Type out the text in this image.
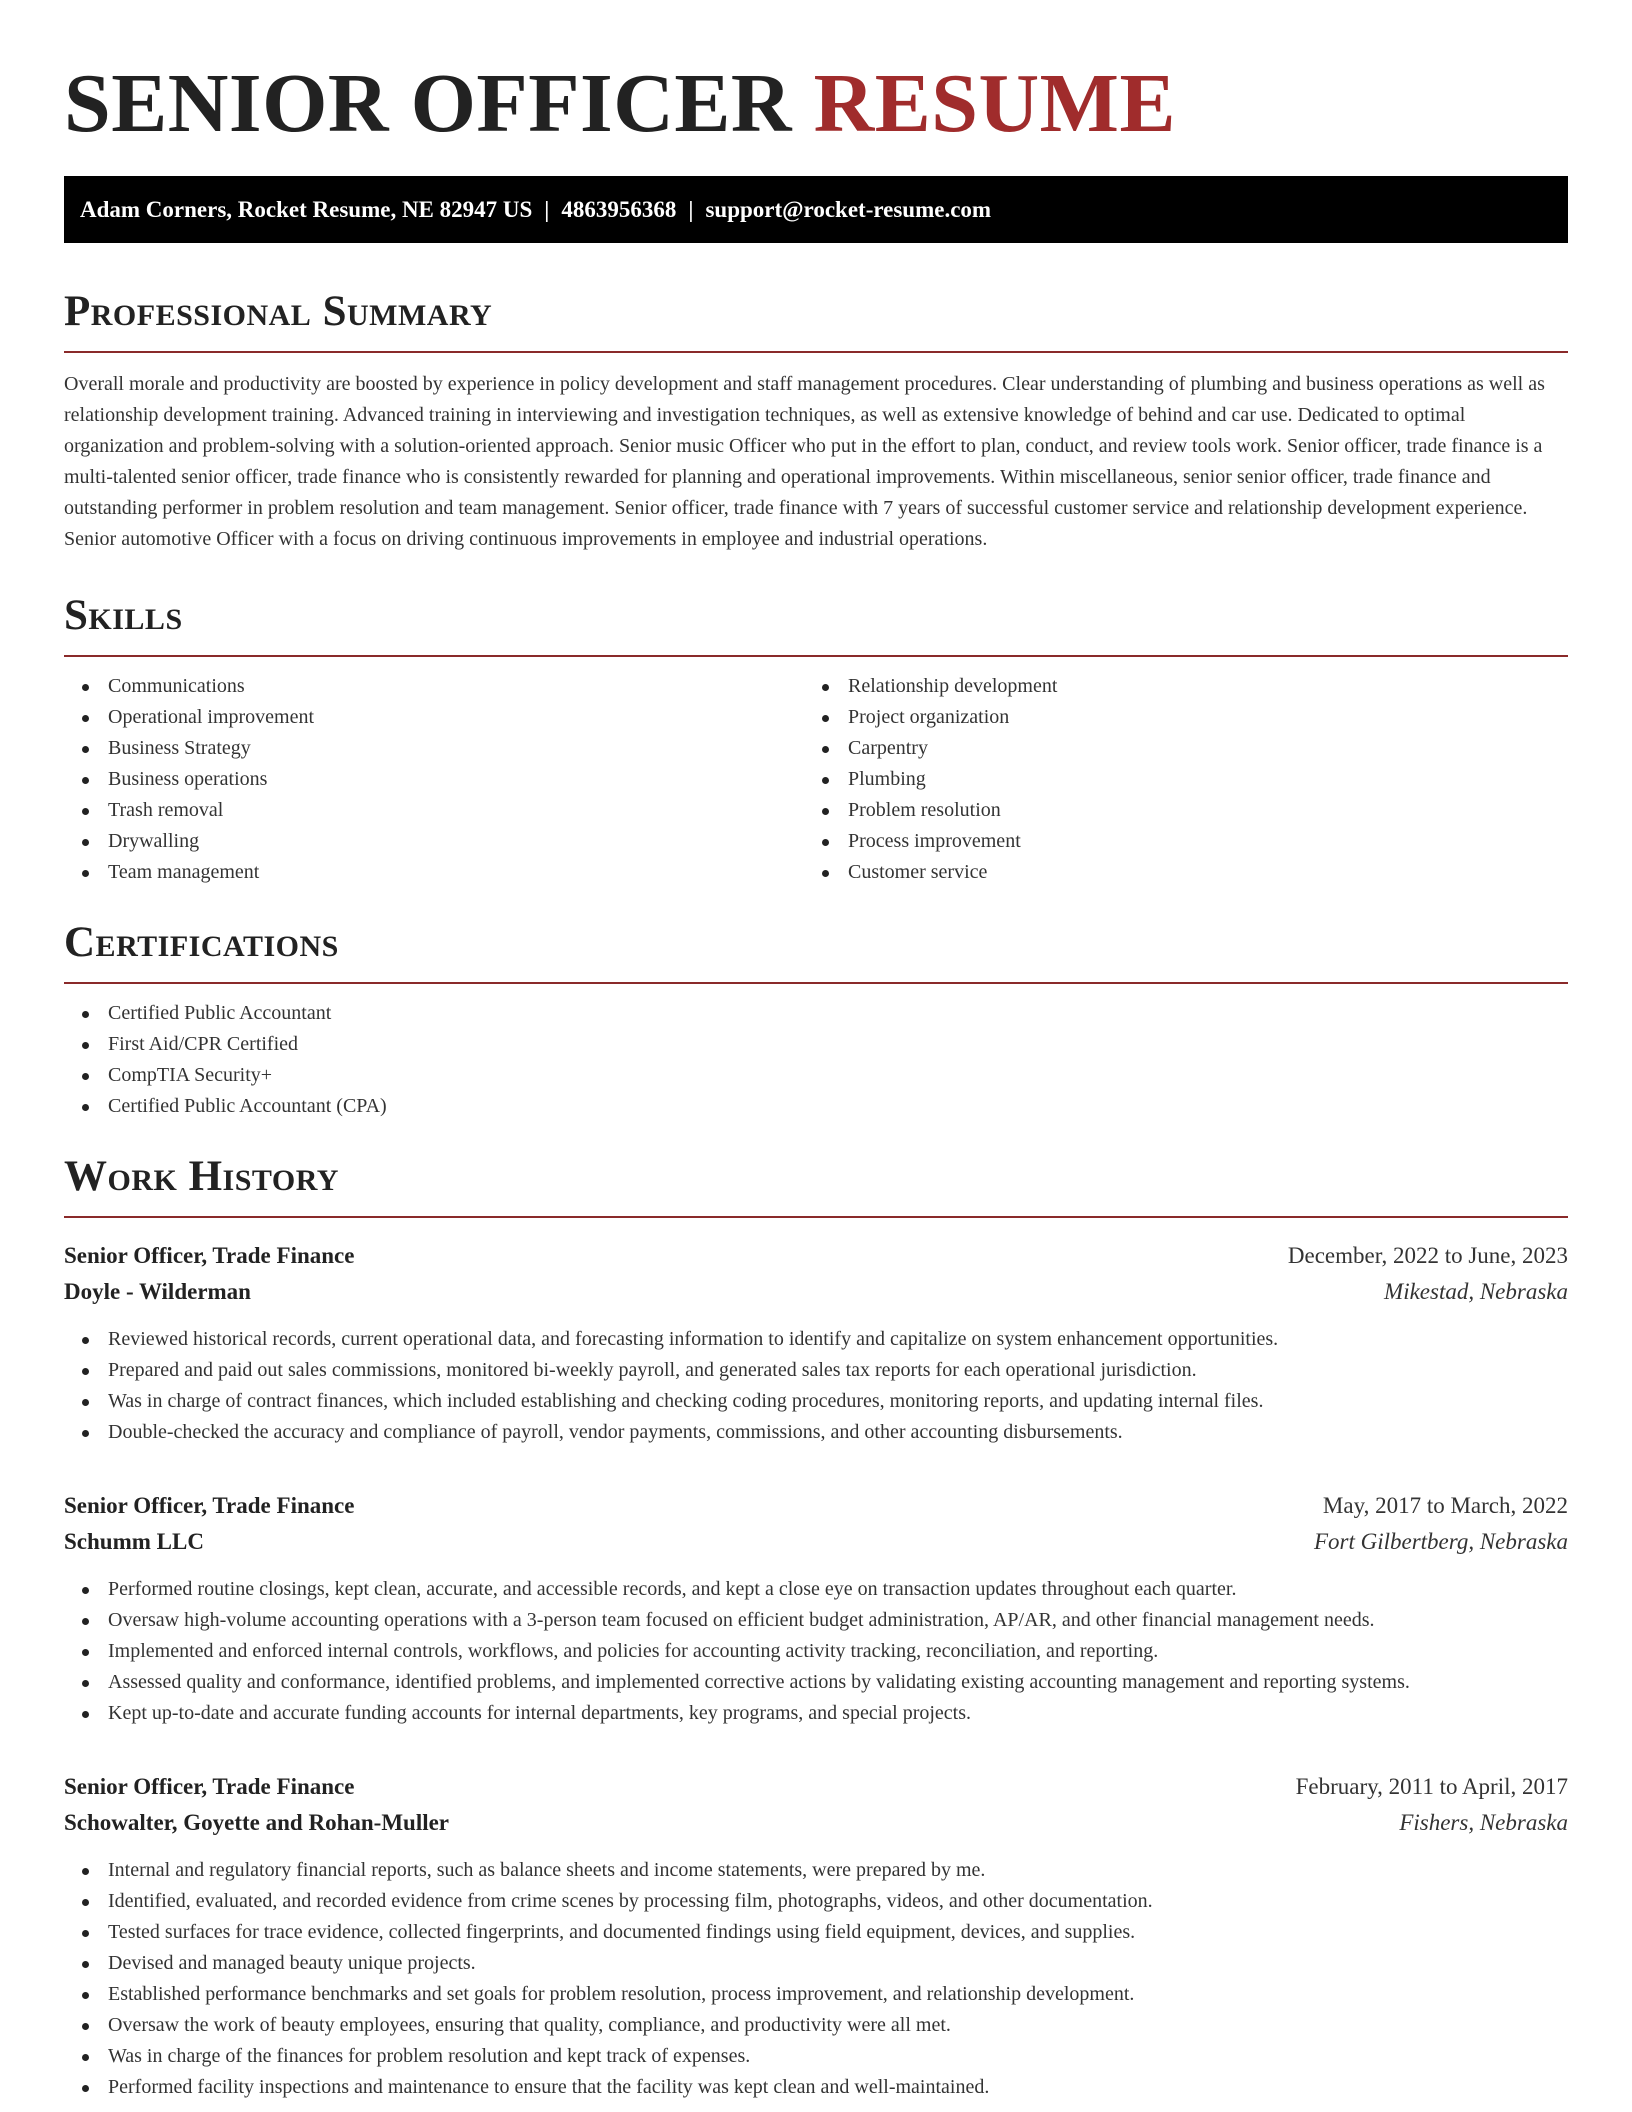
SENIOR OFFICER RESUME
Adam Corners, Rocket Resume, NE 82947 US | 4863956368 | support@rocket-resume.com
Professional Summary

Overall morale and productivity are boosted by experience in policy development and staff management procedures. Clear understanding of plumbing and business operations as well as relationship development training. Advanced training in interviewing and investigation techniques, as well as extensive knowledge of behind and car use. Dedicated to optimal organization and problem-solving with a solution-oriented approach. Senior music Officer who put in the effort to plan, conduct, and review tools work. Senior officer, trade finance is a multi-talented senior officer, trade finance who is consistently rewarded for planning and operational improvements. Within miscellaneous, senior senior officer, trade finance and outstanding performer in problem resolution and team management. Senior officer, trade finance with 7 years of successful customer service and relationship development experience. Senior automotive Officer with a focus on driving continuous improvements in employee and industrial operations.

Skills
Communications
Operational improvement
Business Strategy
Business operations
Trash removal
Drywalling
Team management
Relationship development
Project organization
Carpentry
Plumbing
Problem resolution
Process improvement
Customer service
Certifications
Certified Public Accountant
First Aid/CPR Certified
CompTIA Security+
Certified Public Accountant (CPA)
Work History
Senior Officer, Trade Finance	December, 2022 to June, 2023
Doyle - Wilderman	Mikestad, Nebraska
Reviewed historical records, current operational data, and forecasting information to identify and capitalize on system enhancement opportunities.
Prepared and paid out sales commissions, monitored bi-weekly payroll, and generated sales tax reports for each operational jurisdiction.
Was in charge of contract finances, which included establishing and checking coding procedures, monitoring reports, and updating internal files.
Double-checked the accuracy and compliance of payroll, vendor payments, commissions, and other accounting disbursements.
Senior Officer, Trade Finance	May, 2017 to March, 2022
Schumm LLC	Fort Gilbertberg, Nebraska
Performed routine closings, kept clean, accurate, and accessible records, and kept a close eye on transaction updates throughout each quarter.
Oversaw high-volume accounting operations with a 3-person team focused on efficient budget administration, AP/AR, and other financial management needs.
Implemented and enforced internal controls, workflows, and policies for accounting activity tracking, reconciliation, and reporting.
Assessed quality and conformance, identified problems, and implemented corrective actions by validating existing accounting management and reporting systems.
Kept up-to-date and accurate funding accounts for internal departments, key programs, and special projects.
Senior Officer, Trade Finance	February, 2011 to April, 2017
Schowalter, Goyette and Rohan-Muller	Fishers, Nebraska
Internal and regulatory financial reports, such as balance sheets and income statements, were prepared by me.
Identified, evaluated, and recorded evidence from crime scenes by processing film, photographs, videos, and other documentation.
Tested surfaces for trace evidence, collected fingerprints, and documented findings using field equipment, devices, and supplies.
Devised and managed beauty unique projects.
Established performance benchmarks and set goals for problem resolution, process improvement, and relationship development.
Oversaw the work of beauty employees, ensuring that quality, compliance, and productivity were all met.
Was in charge of the finances for problem resolution and kept track of expenses.
Performed facility inspections and maintenance to ensure that the facility was kept clean and well-maintained.
